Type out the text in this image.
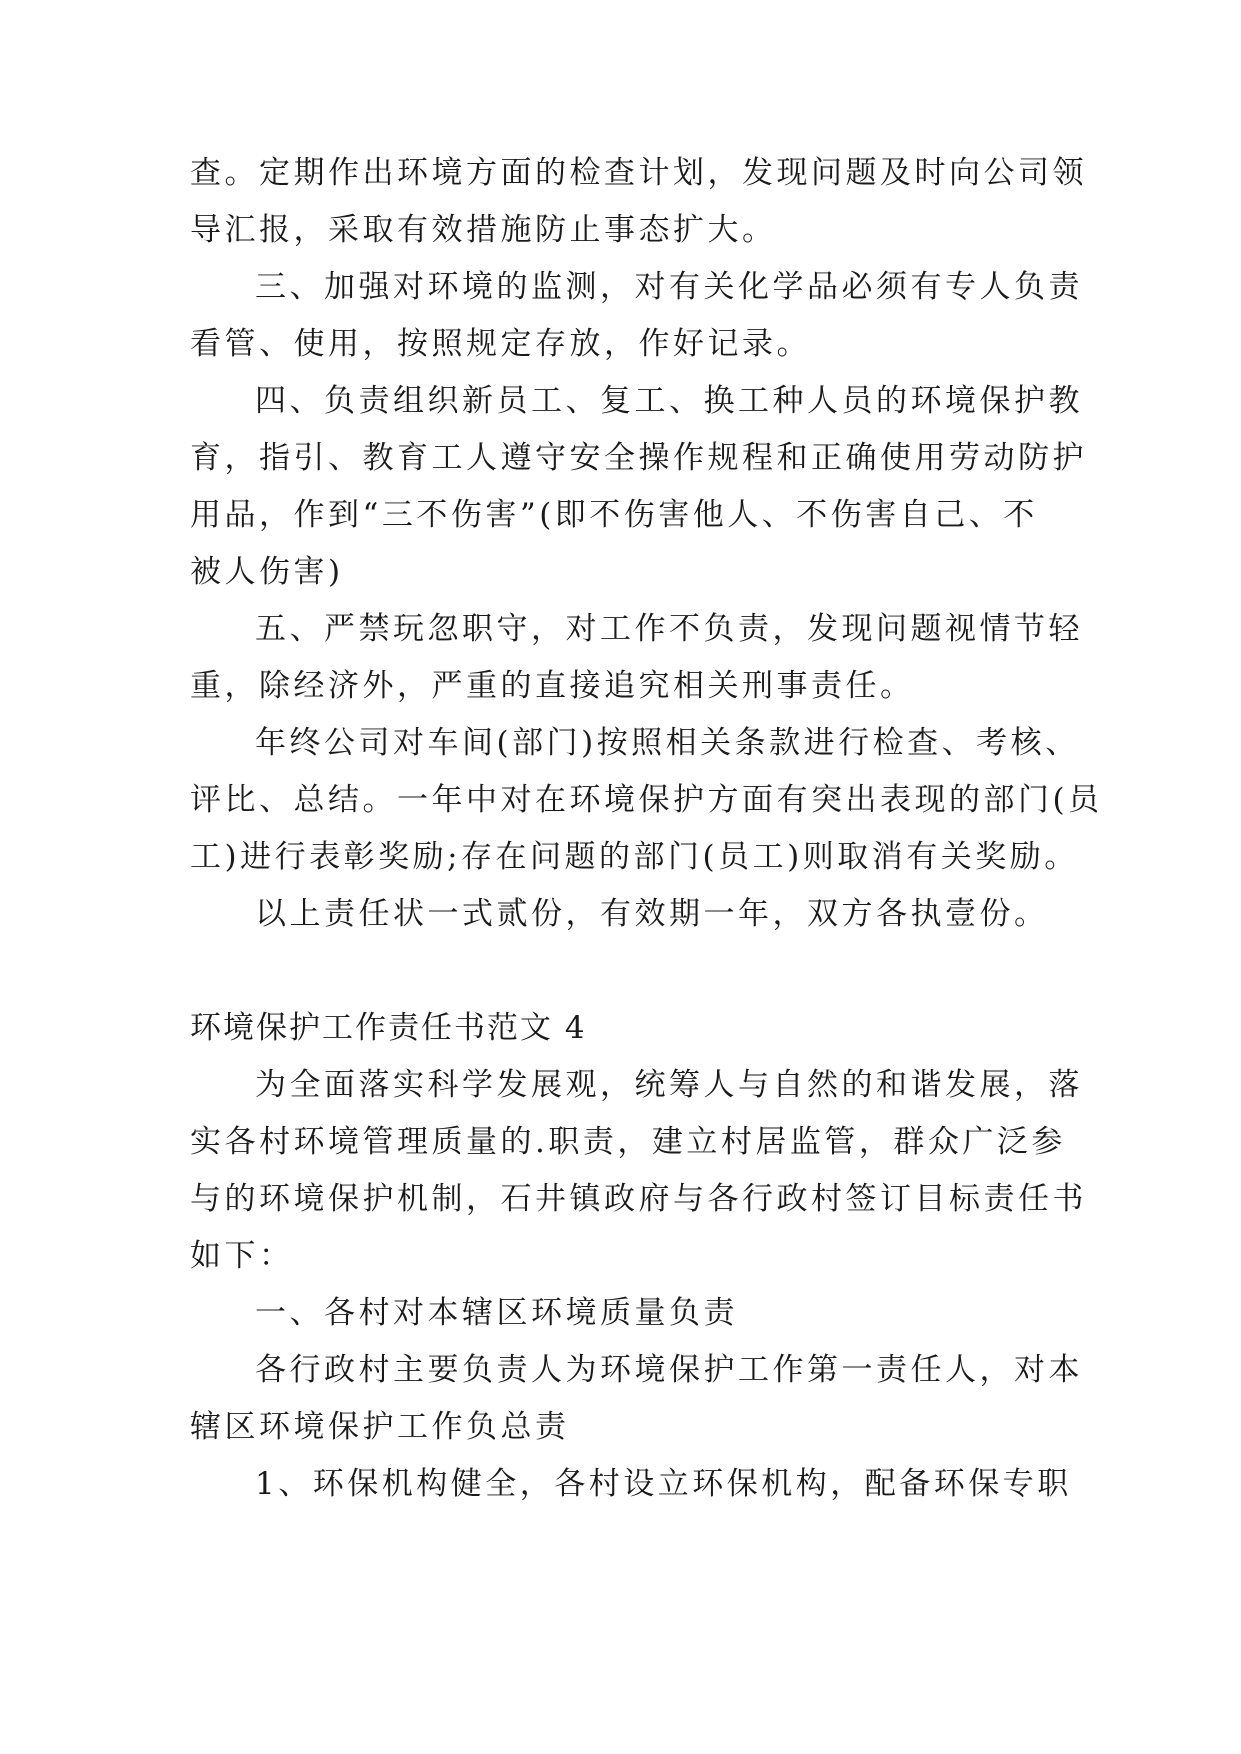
查。定期作出环境方面的检查计划，发现问题及时向公司领
导汇报，采取有效措施防止事态扩大。
三、加强对环境的监测，对有关化学品必须有专人负责
看管、使用，按照规定存放，作好记录。
四、负责组织新员工、复工、换工种人员的环境保护教
育，指引、教育工人遵守安全操作规程和正确使用劳动防护
用品，作到“三不伤害”(即不伤害他人、不伤害自己、不
被人伤害)
五、严禁玩忽职守，对工作不负责，发现问题视情节轻
重，除经济外，严重的直接追究相关刑事责任。
年终公司对车间(部门)按照相关条款进行检查、考核、
评比、总结。一年中对在环境保护方面有突出表现的部门(员
工)进行表彰奖励;存在问题的部门(员工)则取消有关奖励。
以上责任状一式贰份，有效期一年，双方各执壹份。
环境保护工作责任书范文 4
为全面落实科学发展观，统筹人与自然的和谐发展，落
实各村环境管理质量的.职责，建立村居监管，群众广泛参
与的环境保护机制，石井镇政府与各行政村签订目标责任书
如下：
一、各村对本辖区环境质量负责
各行政村主要负责人为环境保护工作第一责任人，对本
辖区环境保护工作负总责
1、环保机构健全，各村设立环保机构，配备环保专职
